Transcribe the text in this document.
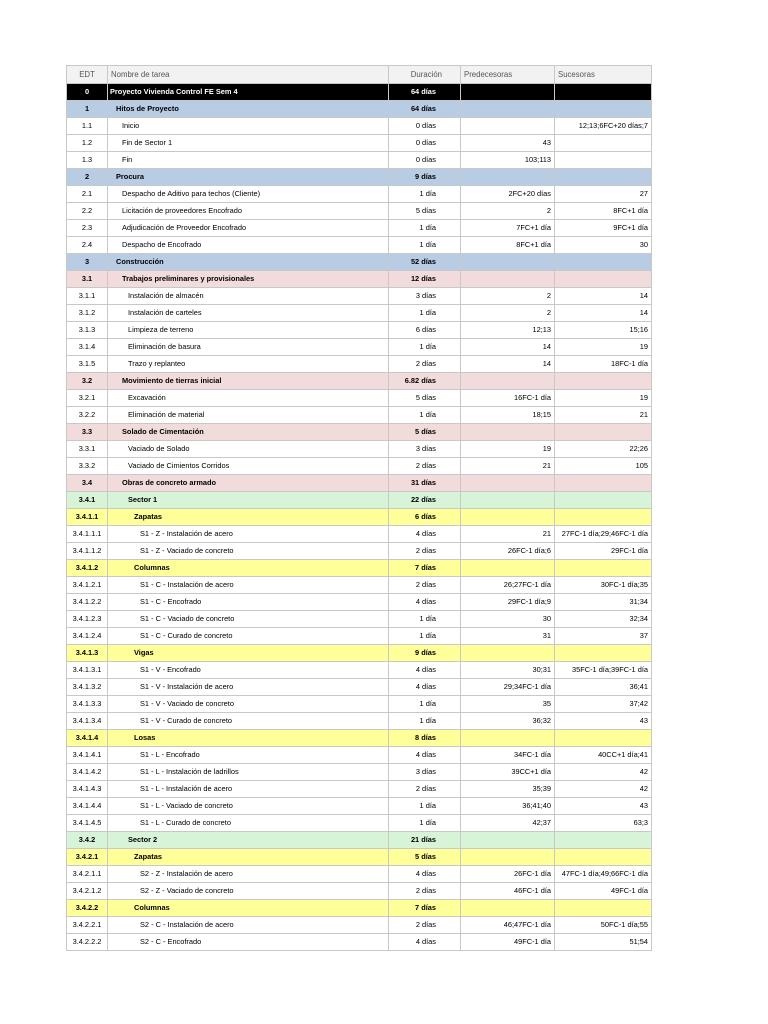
EDT	Nombre de tarea	Duración	Predecesoras	Sucesoras
0	Proyecto Vivienda Control FE Sem 4	64 días		
1	Hitos de Proyecto	64 días		
1.1	Inicio	0 días		12;13;6FC+20 días;7
1.2	Fin de Sector 1	0 días	43	
1.3	Fin	0 días	103;113	
2	Procura	9 días		
2.1	Despacho de Aditivo para techos (Cliente)	1 día	2FC+20 días	27
2.2	Licitación de proveedores Encofrado	5 días	2	8FC+1 día
2.3	Adjudicación de Proveedor Encofrado	1 día	7FC+1 día	9FC+1 día
2.4	Despacho de Encofrado	1 día	8FC+1 día	30
3	Construcción	52 días		
3.1	Trabajos preliminares y provisionales	12 días		
3.1.1	Instalación de almacén	3 días	2	14
3.1.2	Instalación de carteles	1 día	2	14
3.1.3	Limpieza de terreno	6 días	12;13	15;16
3.1.4	Eliminación de basura	1 día	14	19
3.1.5	Trazo y replanteo	2 días	14	18FC-1 día
3.2	Movimiento de tierras inicial	6.82 días		
3.2.1	Excavación	5 días	16FC-1 día	19
3.2.2	Eliminación de material	1 día	18;15	21
3.3	Solado de Cimentación	5 días		
3.3.1	Vaciado de Solado	3 días	19	22;26
3.3.2	Vaciado de Cimientos Corridos	2 días	21	105
3.4	Obras de concreto armado	31 días		
3.4.1	Sector 1	22 días		
3.4.1.1	Zapatas	6 días		
3.4.1.1.1	S1 - Z - Instalación de acero	4 días	21	27FC-1 día;29;46FC-1 día
3.4.1.1.2	S1 - Z - Vaciado de concreto	2 días	26FC-1 día;6	29FC-1 día
3.4.1.2	Columnas	7 días		
3.4.1.2.1	S1 - C - Instalación de acero	2 días	26;27FC-1 día	30FC-1 día;35
3.4.1.2.2	S1 - C - Encofrado	4 días	29FC-1 día;9	31;34
3.4.1.2.3	S1 - C - Vaciado de concreto	1 día	30	32;34
3.4.1.2.4	S1 - C - Curado de concreto	1 día	31	37
3.4.1.3	Vigas	9 días		
3.4.1.3.1	S1 - V - Encofrado	4 días	30;31	35FC-1 día;39FC-1 día
3.4.1.3.2	S1 - V - Instalación de acero	4 días	29;34FC-1 día	36;41
3.4.1.3.3	S1 - V - Vaciado de concreto	1 día	35	37;42
3.4.1.3.4	S1 - V - Curado de concreto	1 día	36;32	43
3.4.1.4	Losas	8 días		
3.4.1.4.1	S1 - L - Encofrado	4 días	34FC-1 día	40CC+1 día;41
3.4.1.4.2	S1 - L - Instalación de ladrillos	3 días	39CC+1 día	42
3.4.1.4.3	S1 - L - Instalación de acero	2 días	35;39	42
3.4.1.4.4	S1 - L - Vaciado de concreto	1 día	36;41;40	43
3.4.1.4.5	S1 - L - Curado de concreto	1 día	42;37	63;3
3.4.2	Sector 2	21 días		
3.4.2.1	Zapatas	5 días		
3.4.2.1.1	S2 - Z - Instalación de acero	4 días	26FC-1 día	47FC-1 día;49;66FC-1 día
3.4.2.1.2	S2 - Z - Vaciado de concreto	2 días	46FC-1 día	49FC-1 día
3.4.2.2	Columnas	7 días		
3.4.2.2.1	S2 - C - Instalación de acero	2 días	46;47FC-1 día	50FC-1 día;55
3.4.2.2.2	S2 - C - Encofrado	4 días	49FC-1 día	51;54
